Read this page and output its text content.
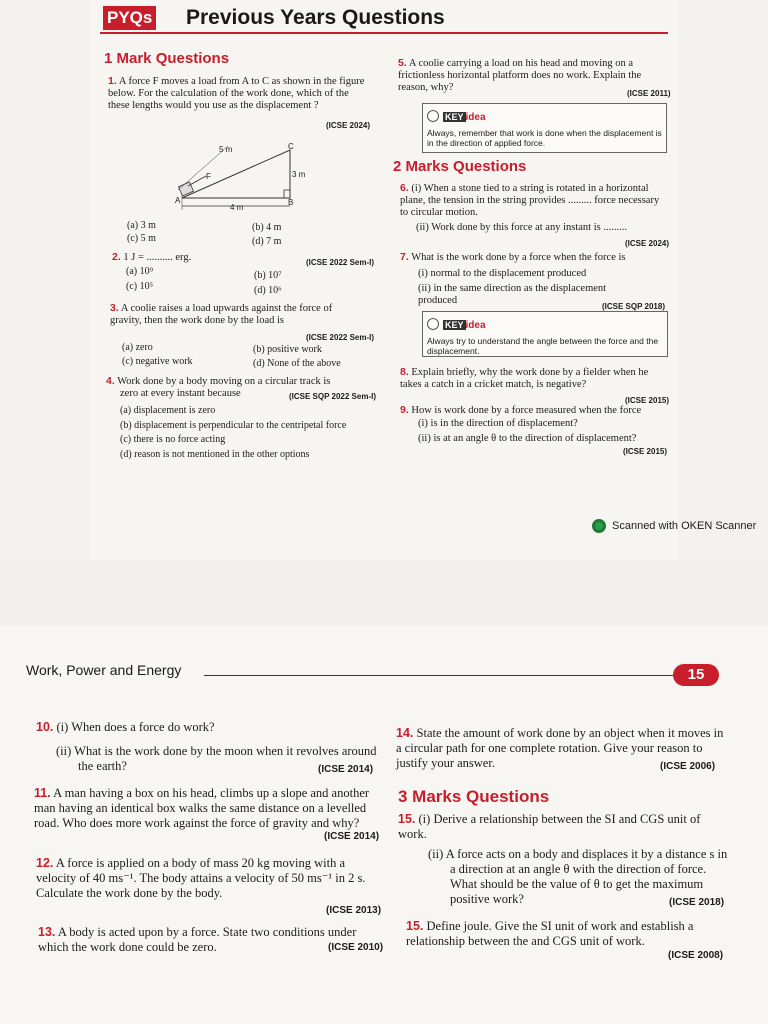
PYQs Previous Years Questions
1 Mark Questions
1. A force F moves a load from A to C as shown in the figure below. For the calculation of the work done, which of the these lengths would you use as the displacement ?
(ICSE 2024)
5 m
3 m
4 m
A	B
C
F
(a) 3 m	(b) 4 m
(c) 5 m	(d) 7 m
2. 1 J = .......... erg.	(ICSE 2022 Sem-I)
(a) 10⁹	(b) 10⁷
(c) 10⁵	(d) 10⁶
3. A coolie raises a load upwards against the force of gravity, then the work done by the load is
(ICSE 2022 Sem-I)
(a) zero	(b) positive work
(c) negative work	(d) None of the above
4. Work done by a body moving on a circular track is
zero at every instant because	(ICSE SQP 2022 Sem-I)
(a) displacement is zero
(b) displacement is perpendicular to the centripetal force
(c) there is no force acting
(d) reason is not mentioned in the other options
5. A coolie carrying a load on his head and moving on a frictionless horizontal platform does no work. Explain the reason, why?
(ICSE 2011)
KEY idea
Always, remember that work is done when the displacement is in the direction of applied force.
2 Marks Questions
6. (i) When a stone tied to a string is rotated in a horizontal plane, the tension in the string provides ......... force necessary to circular motion.
(ii) Work done by this force at any instant is .........
(ICSE 2024)
7. What is the work done by a force when the force is
(i) normal to the displacement produced
(ii) in the same direction as the displacement produced
(ICSE SQP 2018)
KEY idea
Always try to understand the angle between the force and the displacement.
8. Explain briefly, why the work done by a fielder when he takes a catch in a cricket match, is negative?
(ICSE 2015)
9. How is work done by a force measured when the force
(i) is in the direction of displacement?
(ii) is at an angle θ to the direction of displacement?
(ICSE 2015)
Scanned with OKEN Scanner
Work, Power and Energy	15
10. (i) When does a force do work?
(ii) What is the work done by the moon when it revolves around the earth?	(ICSE 2014)
11. A man having a box on his head, climbs up a slope and another man having an identical box walks the same distance on a levelled road. Who does more work against the force of gravity and why?
(ICSE 2014)
12. A force is applied on a body of mass 20 kg moving with a velocity of 40 ms⁻¹. The body attains a velocity of 50 ms⁻¹ in 2 s. Calculate the work done by the body.
(ICSE 2013)
13. A body is acted upon by a force. State two conditions under which the work done could be zero.	(ICSE 2010)
14. State the amount of work done by an object when it moves in a circular path for one complete rotation. Give your reason to justify your answer.	(ICSE 2006)
3 Marks Questions
15. (i) Derive a relationship between the SI and CGS unit of work.
(ii) A force acts on a body and displaces it by a distance s in a direction at an angle θ with the direction of force. What should be the value of θ to get the maximum positive work?	(ICSE 2018)
15. Define joule. Give the SI unit of work and establish a relationship between the and CGS unit of work.
(ICSE 2008)
